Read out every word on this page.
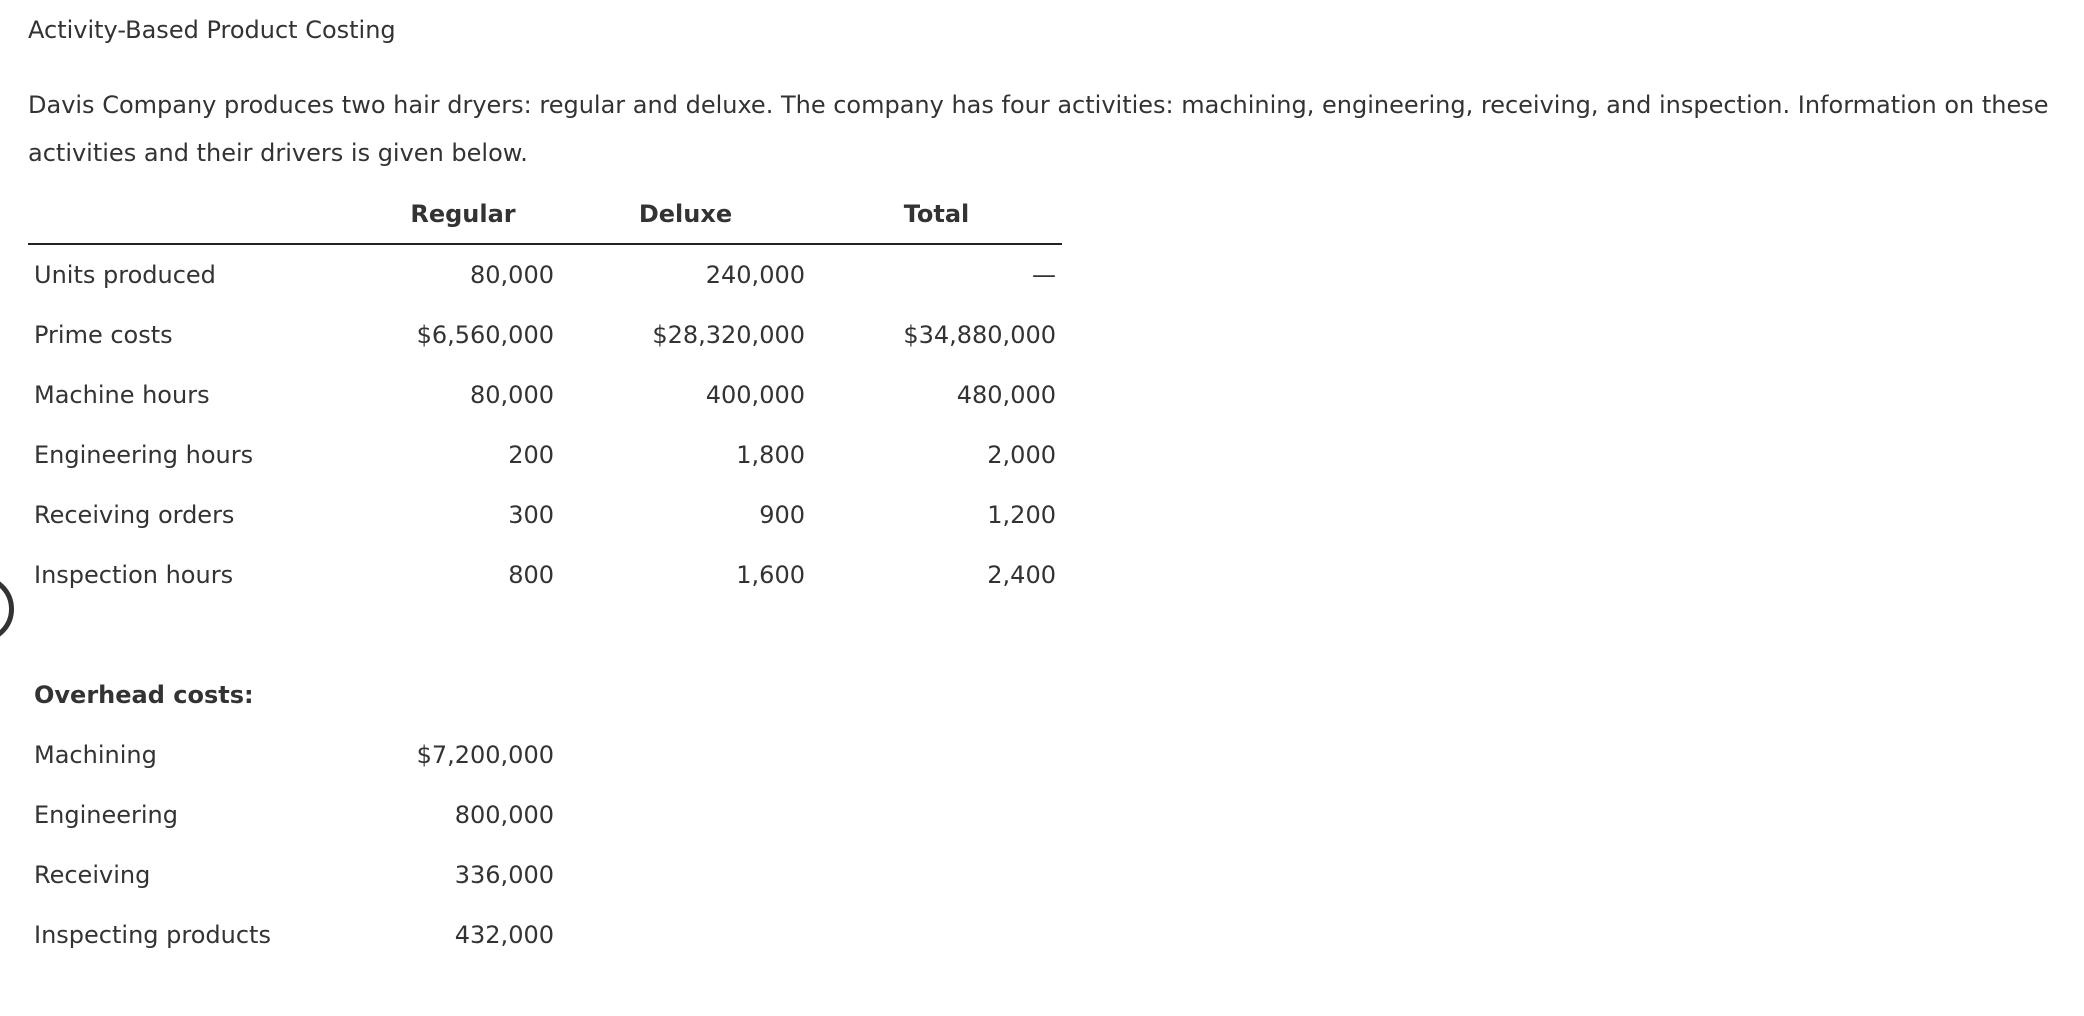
Activity-Based Product Costing
Davis Company produces two hair dryers: regular and deluxe. The company has four activities: machining, engineering, receiving, and inspection. Information on these activities and their drivers is given below.
	Regular	Deluxe	Total
Units produced	80,000	240,000	—
Prime costs	$6,560,000	$28,320,000	$34,880,000
Machine hours	80,000	400,000	480,000
Engineering hours	200	1,800	2,000
Receiving orders	300	900	1,200
Inspection hours	800	1,600	2,400

Overhead costs:			
Machining	$7,200,000		
Engineering	800,000		
Receiving	336,000		
Inspecting products	432,000		
